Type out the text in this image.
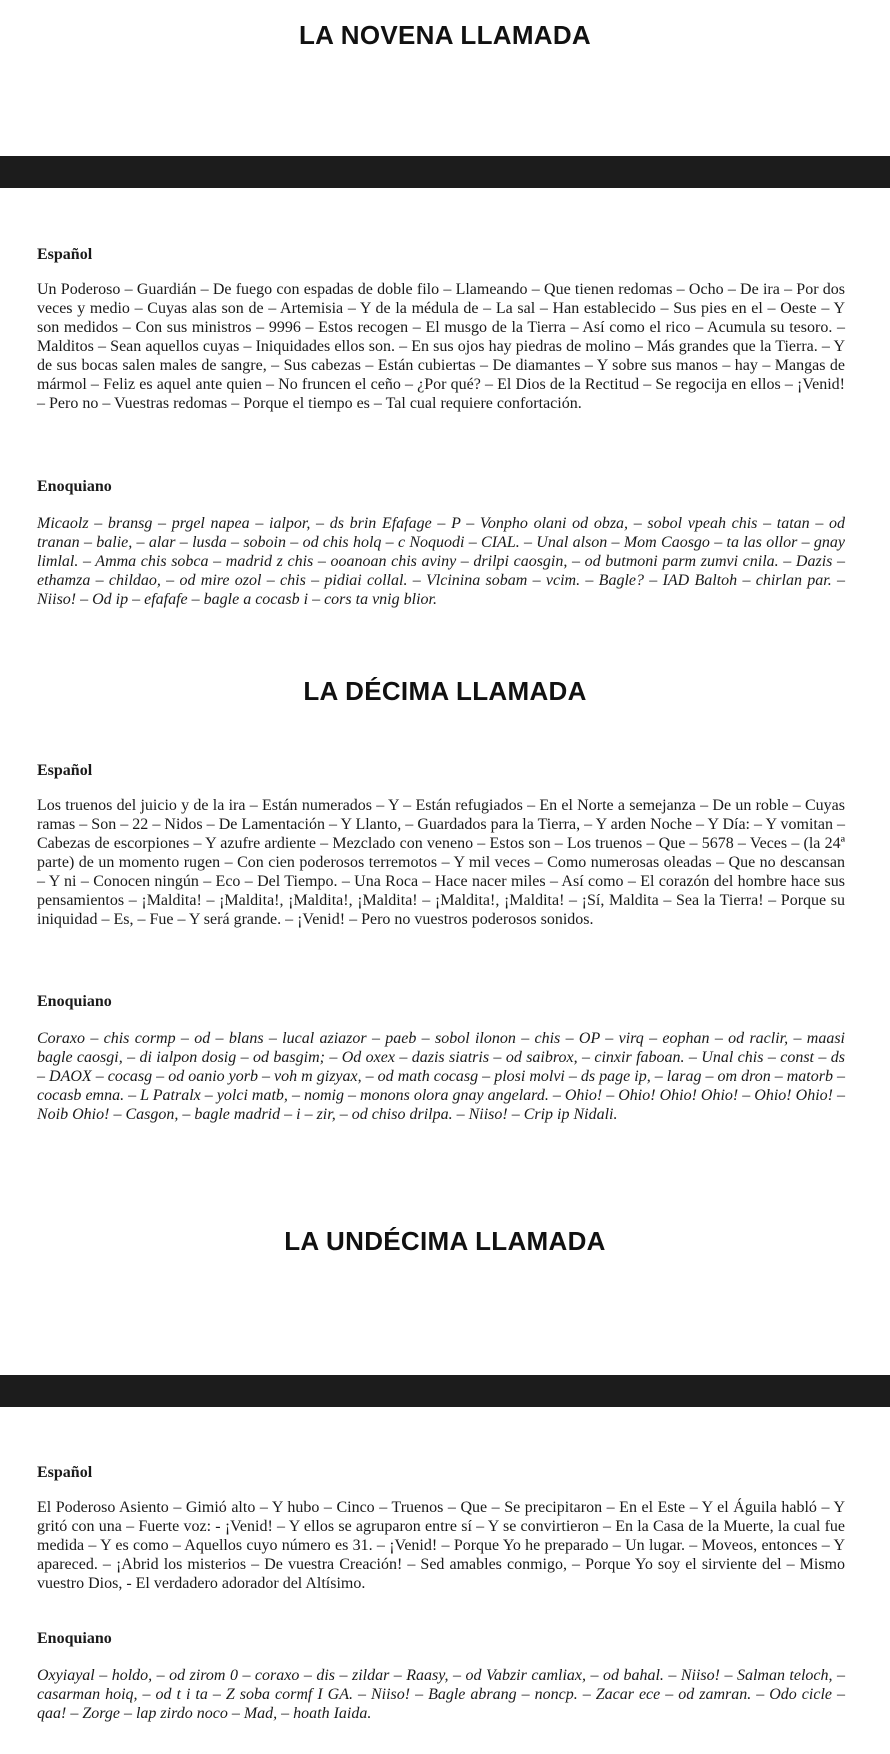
LA NOVENA LLAMADA

Español

Un Poderoso – Guardián – De fuego con espadas de doble filo – Llameando – Que tienen redomas – Ocho – De ira – Por dos veces y medio – Cuyas alas son de – Artemisia – Y de la médula de – La sal – Han establecido – Sus pies en el – Oeste – Y son medidos – Con sus ministros – 9996 – Estos recogen – El musgo de la Tierra – Así como el rico – Acumula su tesoro. – Malditos – Sean aquellos cuyas – Iniquidades ellos son. – En sus ojos hay piedras de molino – Más grandes que la Tierra. – Y de sus bocas salen males de sangre, – Sus cabezas – Están cubiertas – De diamantes – Y sobre sus manos – hay – Mangas de mármol – Feliz es aquel ante quien – No fruncen el ceño – ¿Por qué? – El Dios de la Rectitud – Se regocija en ellos – ¡Venid! – Pero no – Vuestras redomas – Porque el tiempo es – Tal cual requiere confortación.

Enoquiano

Micaolz – bransg – prgel napea – ialpor, – ds brin Efafage – P – Vonpho olani od obza, – sobol vpeah chis – tatan – od tranan – balie, – alar – lusda – soboin – od chis holq – c Noquodi – CIAL. – Unal alson – Mom Caosgo – ta las ollor – gnay limlal. – Amma chis sobca – madrid z chis – ooanoan chis aviny – drilpi caosgin, – od butmoni parm zumvi cnila. – Dazis – ethamza – childao, – od mire ozol – chis – pidiai collal. – Vlcinina sobam – vcim. – Bagle? – IAD Baltoh – chirlan par. – Niiso! – Od ip – efafafe – bagle a cocasb i – cors ta vnig blior.

LA DÉCIMA LLAMADA

Español

Los truenos del juicio y de la ira – Están numerados – Y – Están refugiados – En el Norte a semejanza – De un roble – Cuyas ramas – Son – 22 – Nidos – De Lamentación – Y Llanto, – Guardados para la Tierra, – Y arden Noche – Y Día: – Y vomitan – Cabezas de escorpiones – Y azufre ardiente – Mezclado con veneno – Estos son – Los truenos – Que – 5678 – Veces – (la 24ª parte) de un momento rugen – Con cien poderosos terremotos – Y mil veces – Como numerosas oleadas – Que no descansan – Y ni – Conocen ningún – Eco – Del Tiempo. – Una Roca – Hace nacer miles – Así como – El corazón del hombre hace sus pensamientos – ¡Maldita! – ¡Maldita!, ¡Maldita!, ¡Maldita! – ¡Maldita!, ¡Maldita! – ¡Sí, Maldita – Sea la Tierra! – Porque su iniquidad – Es, – Fue – Y será grande. – ¡Venid! – Pero no vuestros poderosos sonidos.

Enoquiano

Coraxo – chis cormp – od – blans – lucal aziazor – paeb – sobol ilonon – chis – OP – virq – eophan – od raclir, – maasi bagle caosgi, – di ialpon dosig – od basgim; – Od oxex – dazis siatris – od saibrox, – cinxir faboan. – Unal chis – const – ds – DAOX – cocasg – od oanio yorb – voh m gizyax, – od math cocasg – plosi molvi – ds page ip, – larag – om dron – matorb – cocasb emna. – L Patralx – yolci matb, – nomig – monons olora gnay angelard. – Ohio! – Ohio! Ohio! Ohio! – Ohio! Ohio! – Noib Ohio! – Casgon, – bagle madrid – i – zir, – od chiso drilpa. – Niiso! – Crip ip Nidali.

LA UNDÉCIMA LLAMADA

Español

El Poderoso Asiento – Gimió alto – Y hubo – Cinco – Truenos – Que – Se precipitaron – En el Este – Y el Águila habló – Y gritó con una – Fuerte voz: - ¡Venid! – Y ellos se agruparon entre sí – Y se convirtieron – En la Casa de la Muerte, la cual fue medida – Y es como – Aquellos cuyo número es 31. – ¡Venid! – Porque Yo he preparado – Un lugar. – Moveos, entonces – Y apareced. – ¡Abrid los misterios – De vuestra Creación! – Sed amables conmigo, – Porque Yo soy el sirviente del – Mismo vuestro Dios, - El verdadero adorador del Altísimo.

Enoquiano

Oxyiayal – holdo, – od zirom 0 – coraxo – dis – zildar – Raasy, – od Vabzir camliax, – od bahal. – Niiso! – Salman teloch, – casarman hoiq, – od t i ta – Z soba cormf I GA. – Niiso! – Bagle abrang – noncp. – Zacar ece – od zamran. – Odo cicle – qaa! – Zorge – lap zirdo noco – Mad, – hoath Iaida.
